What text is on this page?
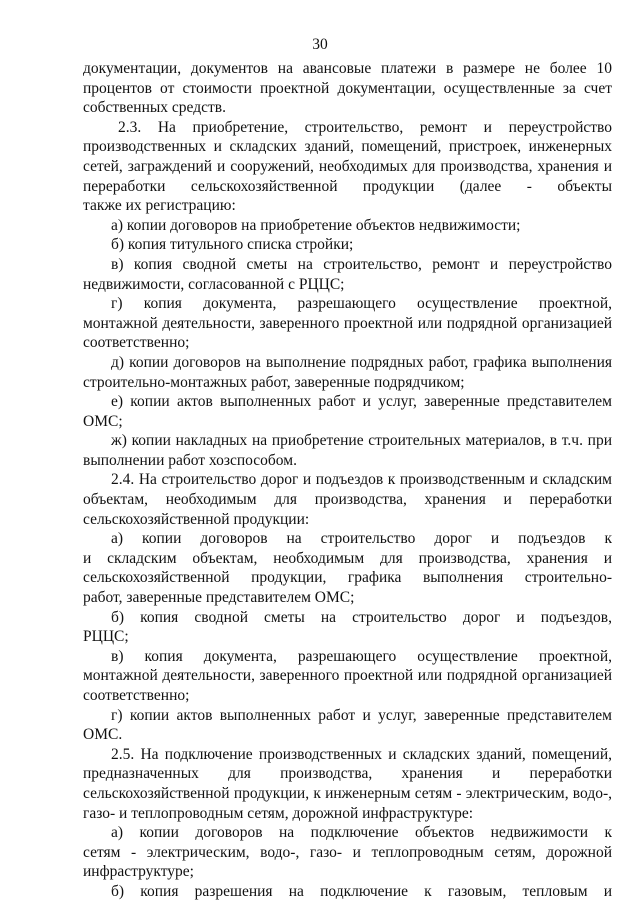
30
документации, документов на авансовые платежи в размере не более 10
процентов от стоимости проектной документации, осуществленные за счет
собственных средств.
2.3. На приобретение, строительство, ремонт и переустройство
производственных и складских зданий, помещений, пристроек, инженерных
сетей, заграждений и сооружений, необходимых для производства, хранения и
переработки сельскохозяйственной продукции (далее - объекты
также их регистрацию:
а) копии договоров на приобретение объектов недвижимости;
б) копия титульного списка стройки;
в) копия сводной сметы на строительство, ремонт и переустройство
недвижимости, согласованной с РЦЦС;
г) копия документа, разрешающего осуществление проектной,
монтажной деятельности, заверенного проектной или подрядной организацией
соответственно;
д) копии договоров на выполнение подрядных работ, графика выполнения
строительно-монтажных работ, заверенные подрядчиком;
е) копии актов выполненных работ и услуг, заверенные представителем
ОМС;
ж) копии накладных на приобретение строительных материалов, в т.ч. при
выполнении работ хозспособом.
2.4. На строительство дорог и подъездов к производственным и складским
объектам, необходимым для производства, хранения и переработки
сельскохозяйственной продукции:
а) копии договоров на строительство дорог и подъездов к
и складским объектам, необходимым для производства, хранения и
сельскохозяйственной продукции, графика выполнения строительно-
работ, заверенные представителем ОМС;
б) копия сводной сметы на строительство дорог и подъездов,
РЦЦС;
в) копия документа, разрешающего осуществление проектной,
монтажной деятельности, заверенного проектной или подрядной организацией
соответственно;
г) копии актов выполненных работ и услуг, заверенные представителем
ОМС.
2.5. На подключение производственных и складских зданий, помещений,
предназначенных для производства, хранения и переработки
сельскохозяйственной продукции, к инженерным сетям - электрическим, водо-,
газо- и теплопроводным сетям, дорожной инфраструктуре:
а) копии договоров на подключение объектов недвижимости к
сетям - электрическим, водо-, газо- и теплопроводным сетям, дорожной
инфраструктуре;
б) копия разрешения на подключение к газовым, тепловым и
